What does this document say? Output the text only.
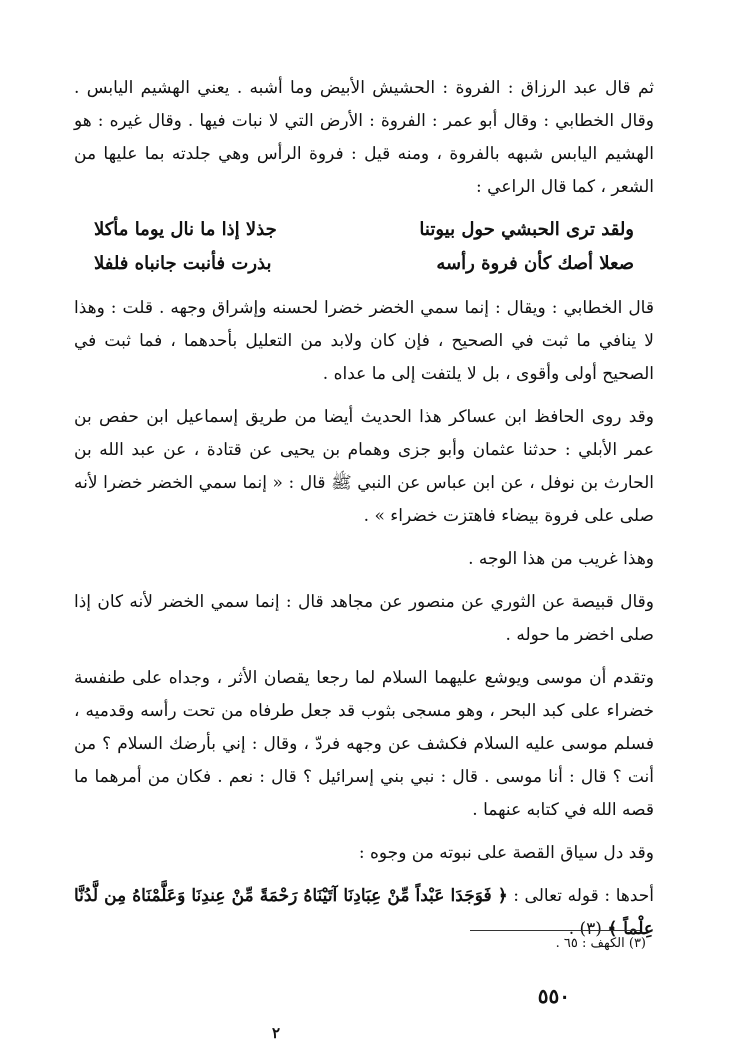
ثم قال عبد الرزاق : الفروة : الحشيش الأبيض وما أشبه . يعني الهشيم اليابس . وقال الخطابي : وقال أبو عمر : الفروة : الأرض التي لا نبات فيها . وقال غيره : هو الهشيم اليابس شبهه بالفروة ، ومنه قيل : فروة الرأس وهي جلدته بما عليها من الشعر ، كما قال الراعي :

ولقد ترى الحبشي حول بيوتنا
جذلا إذا ما نال يوما مأكلا
صعلا أصك كأن فروة رأسه
بذرت فأنبت جانباه فلفلا

قال الخطابي : ويقال : إنما سمي الخضر خضرا لحسنه وإشراق وجهه . قلت : وهذا لا ينافي ما ثبت في الصحيح ، فإن كان ولابد من التعليل بأحدهما ، فما ثبت في الصحيح أولى وأقوى ، بل لا يلتفت إلى ما عداه .

وقد روى الحافظ ابن عساكر هذا الحديث أيضا من طريق إسماعيل ابن حفص بن عمر الأبلي : حدثنا عثمان وأبو جزى وهمام بن يحيى عن قتادة ، عن عبد الله بن الحارث بن نوفل ، عن ابن عباس عن النبي ﷺ قال : « إنما سمي الخضر خضرا لأنه صلى على فروة بيضاء فاهتزت خضراء » .

وهذا غريب من هذا الوجه .

وقال قبيصة عن الثوري عن منصور عن مجاهد قال : إنما سمي الخضر لأنه كان إذا صلى اخضر ما حوله .

وتقدم أن موسى ويوشع عليهما السلام لما رجعا يقصان الأثر ، وجداه على طنفسة خضراء على كبد البحر ، وهو مسجى بثوب قد جعل طرفاه من تحت رأسه وقدميه ، فسلم موسى عليه السلام فكشف عن وجهه فردّ ، وقال : إني بأرضك السلام ؟ من أنت ؟ قال : أنا موسى . قال : نبي بني إسرائيل ؟ قال : نعم . فكان من أمرهما ما قصه الله في كتابه عنهما .

وقد دل سياق القصة على نبوته من وجوه :

أحدها : قوله تعالى : ﴿ فَوَجَدَا عَبْداً مِّنْ عِبَادِنَا آتَيْنَاهُ رَحْمَةً مِّنْ عِندِنَا وَعَلَّمْنَاهُ مِن لَّدُنَّا عِلْماً ﴾ (٣) .

(٣) الكهف : ٦٥ .
٥٥٠
٢
